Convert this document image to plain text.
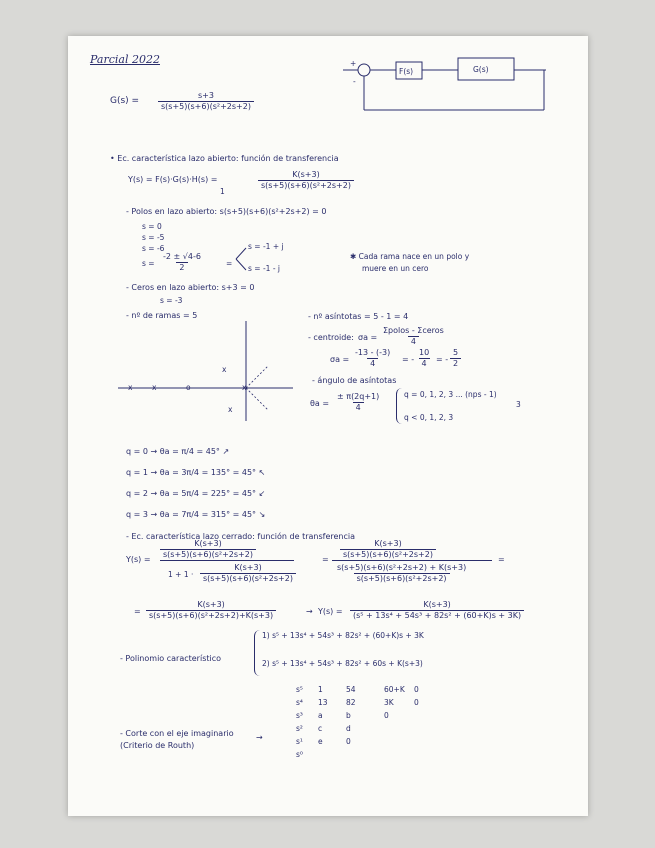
Parcial 2022	+
-
F(s)	G(s)
$G(s) = \frac{s+3}{\text{s(s+5)(s+6)(s²+2s+2)}}$
• Ec. característica lazo abierto: función de transferencia
Y(s) = F(s)·G(s)·H(s) =
1
$\frac{K(s+3)}{\text{s(s+5)(s+6)(s²+2s+2)}}$
- Polos en lazo abierto: s(s+5)(s+6)(s²+2s+2) = 0
s = 0
s = -5
s = -6
$s = \frac{-2 \pm √4-6}{2}$	=
s = -1 + j
s = -1 - j
✱ Cada rama nace en un polo y
muere en un cero
- Ceros en lazo abierto: s+3 = 0
s = -3
- nº de ramas = 5	- nº asíntotas = 5 - 1 = 4
- centroide: σa =
Σpolos - Σceros
4
$\sigma a = \frac{-13 - (-3)}{4}$ = - $\frac{10}{4}$ = - $\frac{5}{2}$
- ángulo de asíntotas
$\theta a = \frac{\pm \pi(2q+1)}{4}$	q = 0, 1, 2, 3 ... (nps - 1)
3
q < 0, 1, 2, 3
x	x	o	x
x
x
q = 0 → θa = π/4 = 45° ↗
q = 1 → θa = 3π/4 = 135° = 45° ↖
q = 2 → θa = 5π/4 = 225° = 45° ↙
q = 3 → θa = 7π/4 = 315° = 45° ↘
- Ec. característica lazo cerrado: función de transferencia
$Y(s) = \frac{K(s+3)}{\text{s(s+5)(s+6)(s²+2s+2)}}$
$1 + 1 \cdot \frac{K(s+3)}{\text{s(s+5)(s+6)(s²+2s+2)}}$
= $\frac{K(s+3)}{\text{s(s+5)(s+6)(s²+2s+2)}}$
$\frac{\text{s(s+5)(s+6)(s²+2s+2) + K(s+3)}}{\text{s(s+5)(s+6)(s²+2s+2)}}$
=
= $\frac{K(s+3)}{\text{s(s+5)(s+6)(s²+2s+2)+K(s+3)}}$	→ $Y(s) = \frac{K(s+3)}{\text{(s⁵ + 13s⁴ + 54s³ + 82s² + (60+K)s + 3K)}}$
- Polinomio característico
1) s⁵ + 13s⁴ + 54s³ + 82s² + (60+K)s + 3K
2) s⁵ + 13s⁴ + 54s³ + 82s² + 60s + K(s+3)
- Corte con el eje imaginario
(Criterio de Routh)
→
s⁵ 1	54	60+K 0
s⁴ 13 82	3K	0
s³ a	b	0
s² c	d
s¹ e	0
s⁰
